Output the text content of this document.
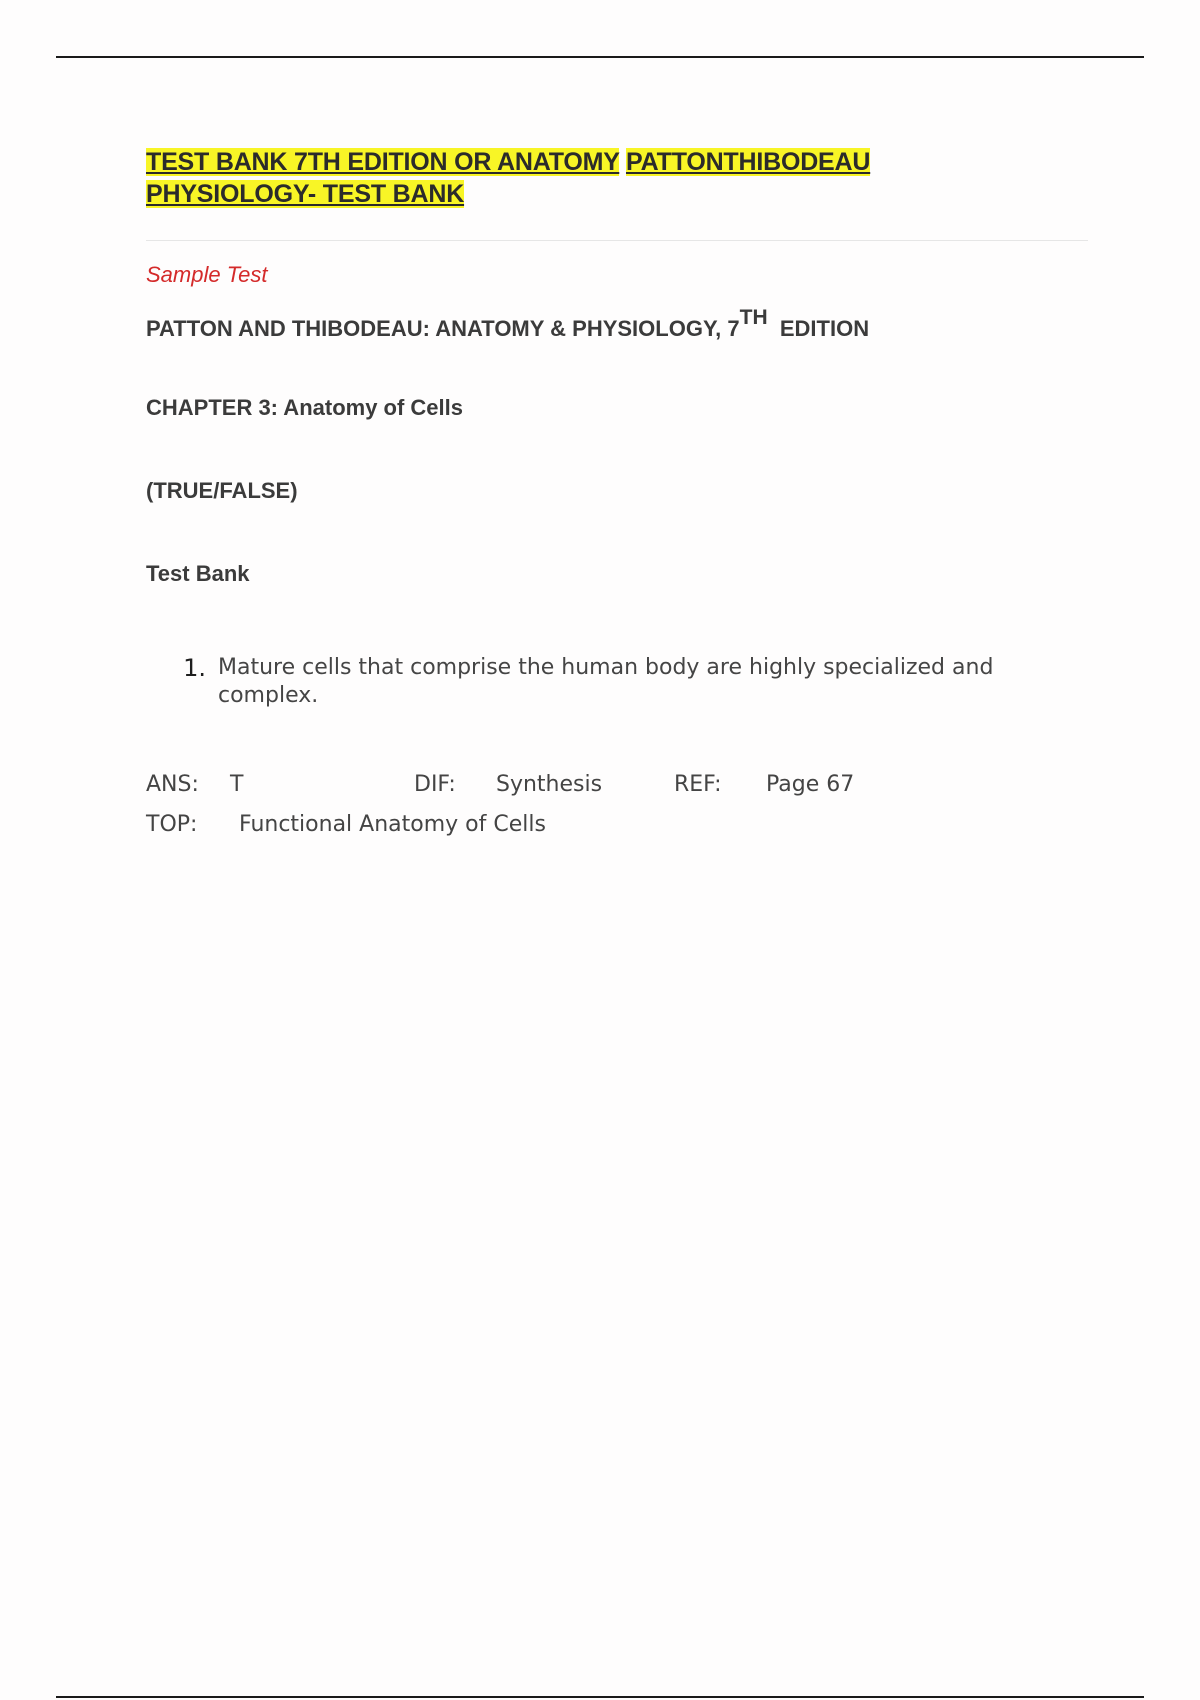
TEST BANK 7TH EDITION OR ANATOMY PATTONTHIBODEAU
PHYSIOLOGY- TEST BANK
Sample Test
PATTON AND THIBODEAU: ANATOMY & PHYSIOLOGY, 7TH EDITION
CHAPTER 3: Anatomy of Cells
(TRUE/FALSE)
Test Bank
1. Mature cells that comprise the human body are highly specialized and complex.
ANS: T	DIF: Synthesis	REF: Page 67
TOP: Functional Anatomy of Cells
